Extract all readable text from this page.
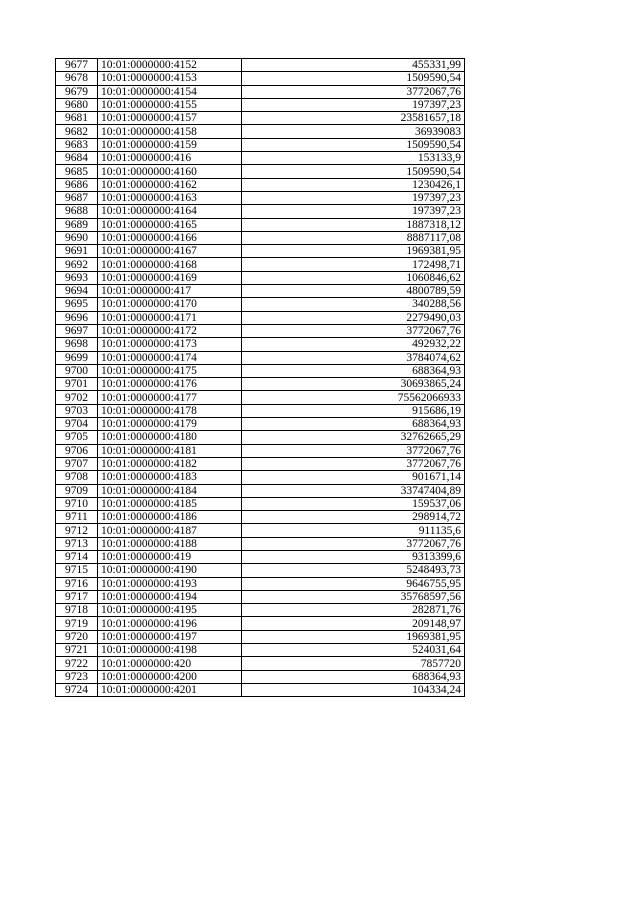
9677	10:01:0000000:4152	455331,99
9678	10:01:0000000:4153	1509590,54
9679	10:01:0000000:4154	3772067,76
9680	10:01:0000000:4155	197397,23
9681	10:01:0000000:4157	23581657,18
9682	10:01:0000000:4158	36939083
9683	10:01:0000000:4159	1509590,54
9684	10:01:0000000:416	153133,9
9685	10:01:0000000:4160	1509590,54
9686	10:01:0000000:4162	1230426,1
9687	10:01:0000000:4163	197397,23
9688	10:01:0000000:4164	197397,23
9689	10:01:0000000:4165	1887318,12
9690	10:01:0000000:4166	8887117,08
9691	10:01:0000000:4167	1969381,95
9692	10:01:0000000:4168	172498,71
9693	10:01:0000000:4169	1060846,62
9694	10:01:0000000:417	4800789,59
9695	10:01:0000000:4170	340288,56
9696	10:01:0000000:4171	2279490,03
9697	10:01:0000000:4172	3772067,76
9698	10:01:0000000:4173	492932,22
9699	10:01:0000000:4174	3784074,62
9700	10:01:0000000:4175	688364,93
9701	10:01:0000000:4176	30693865,24
9702	10:01:0000000:4177	75562066933
9703	10:01:0000000:4178	915686,19
9704	10:01:0000000:4179	688364,93
9705	10:01:0000000:4180	32762665,29
9706	10:01:0000000:4181	3772067,76
9707	10:01:0000000:4182	3772067,76
9708	10:01:0000000:4183	901671,14
9709	10:01:0000000:4184	33747404,89
9710	10:01:0000000:4185	159537,06
9711	10:01:0000000:4186	298914,72
9712	10:01:0000000:4187	911135,6
9713	10:01:0000000:4188	3772067,76
9714	10:01:0000000:419	9313399,6
9715	10:01:0000000:4190	5248493,73
9716	10:01:0000000:4193	9646755,95
9717	10:01:0000000:4194	35768597,56
9718	10:01:0000000:4195	282871,76
9719	10:01:0000000:4196	209148,97
9720	10:01:0000000:4197	1969381,95
9721	10:01:0000000:4198	524031,64
9722	10:01:0000000:420	7857720
9723	10:01:0000000:4200	688364,93
9724	10:01:0000000:4201	104334,24
